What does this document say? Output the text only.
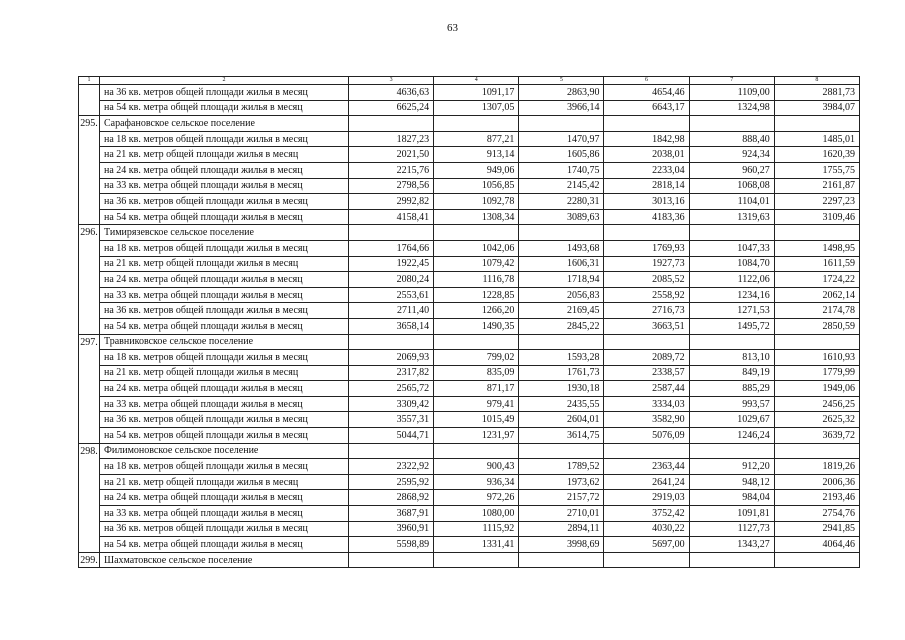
63
1	2	3	4	5	6	7	8
	на 36 кв. метров общей площади жилья в месяц	4636,63	1091,17	2863,90	4654,46	1109,00	2881,73
	на 54 кв. метра общей площади жилья в месяц	6625,24	1307,05	3966,14	6643,17	1324,98	3984,07
295.	Сарафановское сельское поселение						
	на 18 кв. метров общей площади жилья в месяц	1827,23	877,21	1470,97	1842,98	888,40	1485,01
	на 21 кв. метр общей площади жилья в месяц	2021,50	913,14	1605,86	2038,01	924,34	1620,39
	на 24 кв. метра общей площади жилья в месяц	2215,76	949,06	1740,75	2233,04	960,27	1755,75
	на 33 кв. метра общей площади жилья в месяц	2798,56	1056,85	2145,42	2818,14	1068,08	2161,87
	на 36 кв. метров общей площади жилья в месяц	2992,82	1092,78	2280,31	3013,16	1104,01	2297,23
	на 54 кв. метра общей площади жилья в месяц	4158,41	1308,34	3089,63	4183,36	1319,63	3109,46
296.	Тимирязевское сельское поселение						
	на 18 кв. метров общей площади жилья в месяц	1764,66	1042,06	1493,68	1769,93	1047,33	1498,95
	на 21 кв. метр общей площади жилья в месяц	1922,45	1079,42	1606,31	1927,73	1084,70	1611,59
	на 24 кв. метра общей площади жилья в месяц	2080,24	1116,78	1718,94	2085,52	1122,06	1724,22
	на 33 кв. метра общей площади жилья в месяц	2553,61	1228,85	2056,83	2558,92	1234,16	2062,14
	на 36 кв. метров общей площади жилья в месяц	2711,40	1266,20	2169,45	2716,73	1271,53	2174,78
	на 54 кв. метра общей площади жилья в месяц	3658,14	1490,35	2845,22	3663,51	1495,72	2850,59
297.	Травниковское сельское поселение						
	на 18 кв. метров общей площади жилья в месяц	2069,93	799,02	1593,28	2089,72	813,10	1610,93
	на 21 кв. метр общей площади жилья в месяц	2317,82	835,09	1761,73	2338,57	849,19	1779,99
	на 24 кв. метра общей площади жилья в месяц	2565,72	871,17	1930,18	2587,44	885,29	1949,06
	на 33 кв. метра общей площади жилья в месяц	3309,42	979,41	2435,55	3334,03	993,57	2456,25
	на 36 кв. метров общей площади жилья в месяц	3557,31	1015,49	2604,01	3582,90	1029,67	2625,32
	на 54 кв. метров общей площади жилья в месяц	5044,71	1231,97	3614,75	5076,09	1246,24	3639,72
298.	Филимоновское сельское поселение						
	на 18 кв. метров общей площади жилья в месяц	2322,92	900,43	1789,52	2363,44	912,20	1819,26
	на 21 кв. метр общей площади жилья в месяц	2595,92	936,34	1973,62	2641,24	948,12	2006,36
	на 24 кв. метра общей площади жилья в месяц	2868,92	972,26	2157,72	2919,03	984,04	2193,46
	на 33 кв. метра общей площади жилья в месяц	3687,91	1080,00	2710,01	3752,42	1091,81	2754,76
	на 36 кв. метров общей площади жилья в месяц	3960,91	1115,92	2894,11	4030,22	1127,73	2941,85
	на 54 кв. метра общей площади жилья в месяц	5598,89	1331,41	3998,69	5697,00	1343,27	4064,46
299.	Шахматовское сельское поселение						
